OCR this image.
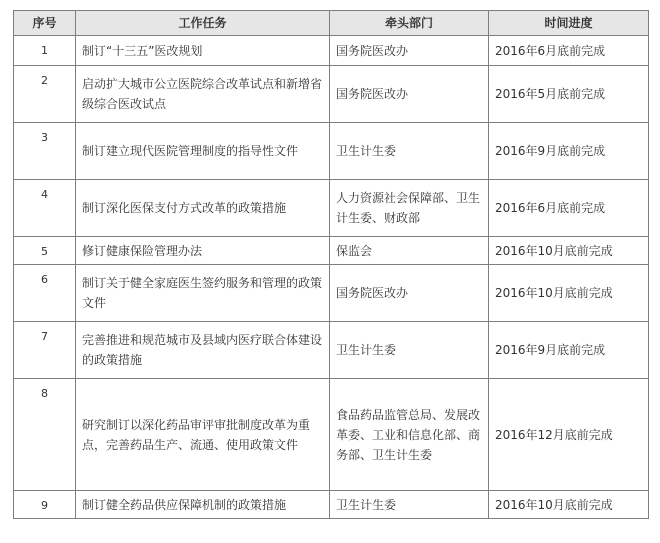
序号	工作任务	牵头部门	时间进度
1	制订“十三五”医改规划	国务院医改办	2016年6月底前完成
2	启动扩大城市公立医院综合改革试点和新增省级综合医改试点	国务院医改办	2016年5月底前完成
3	制订建立现代医院管理制度的指导性文件	卫生计生委	2016年9月底前完成
4	制订深化医保支付方式改革的政策措施	人力资源社会保障部、卫生计生委、财政部	2016年6月底前完成
5	修订健康保险管理办法	保监会	2016年10月底前完成
6	制订关于健全家庭医生签约服务和管理的政策文件	国务院医改办	2016年10月底前完成
7	完善推进和规范城市及县域内医疗联合体建设的政策措施	卫生计生委	2016年9月底前完成
8	研究制订以深化药品审评审批制度改革为重点，完善药品生产、流通、使用政策文件	食品药品监管总局、发展改革委、工业和信息化部、商务部、卫生计生委	2016年12月底前完成
9	制订健全药品供应保障机制的政策措施	卫生计生委	2016年10月底前完成
